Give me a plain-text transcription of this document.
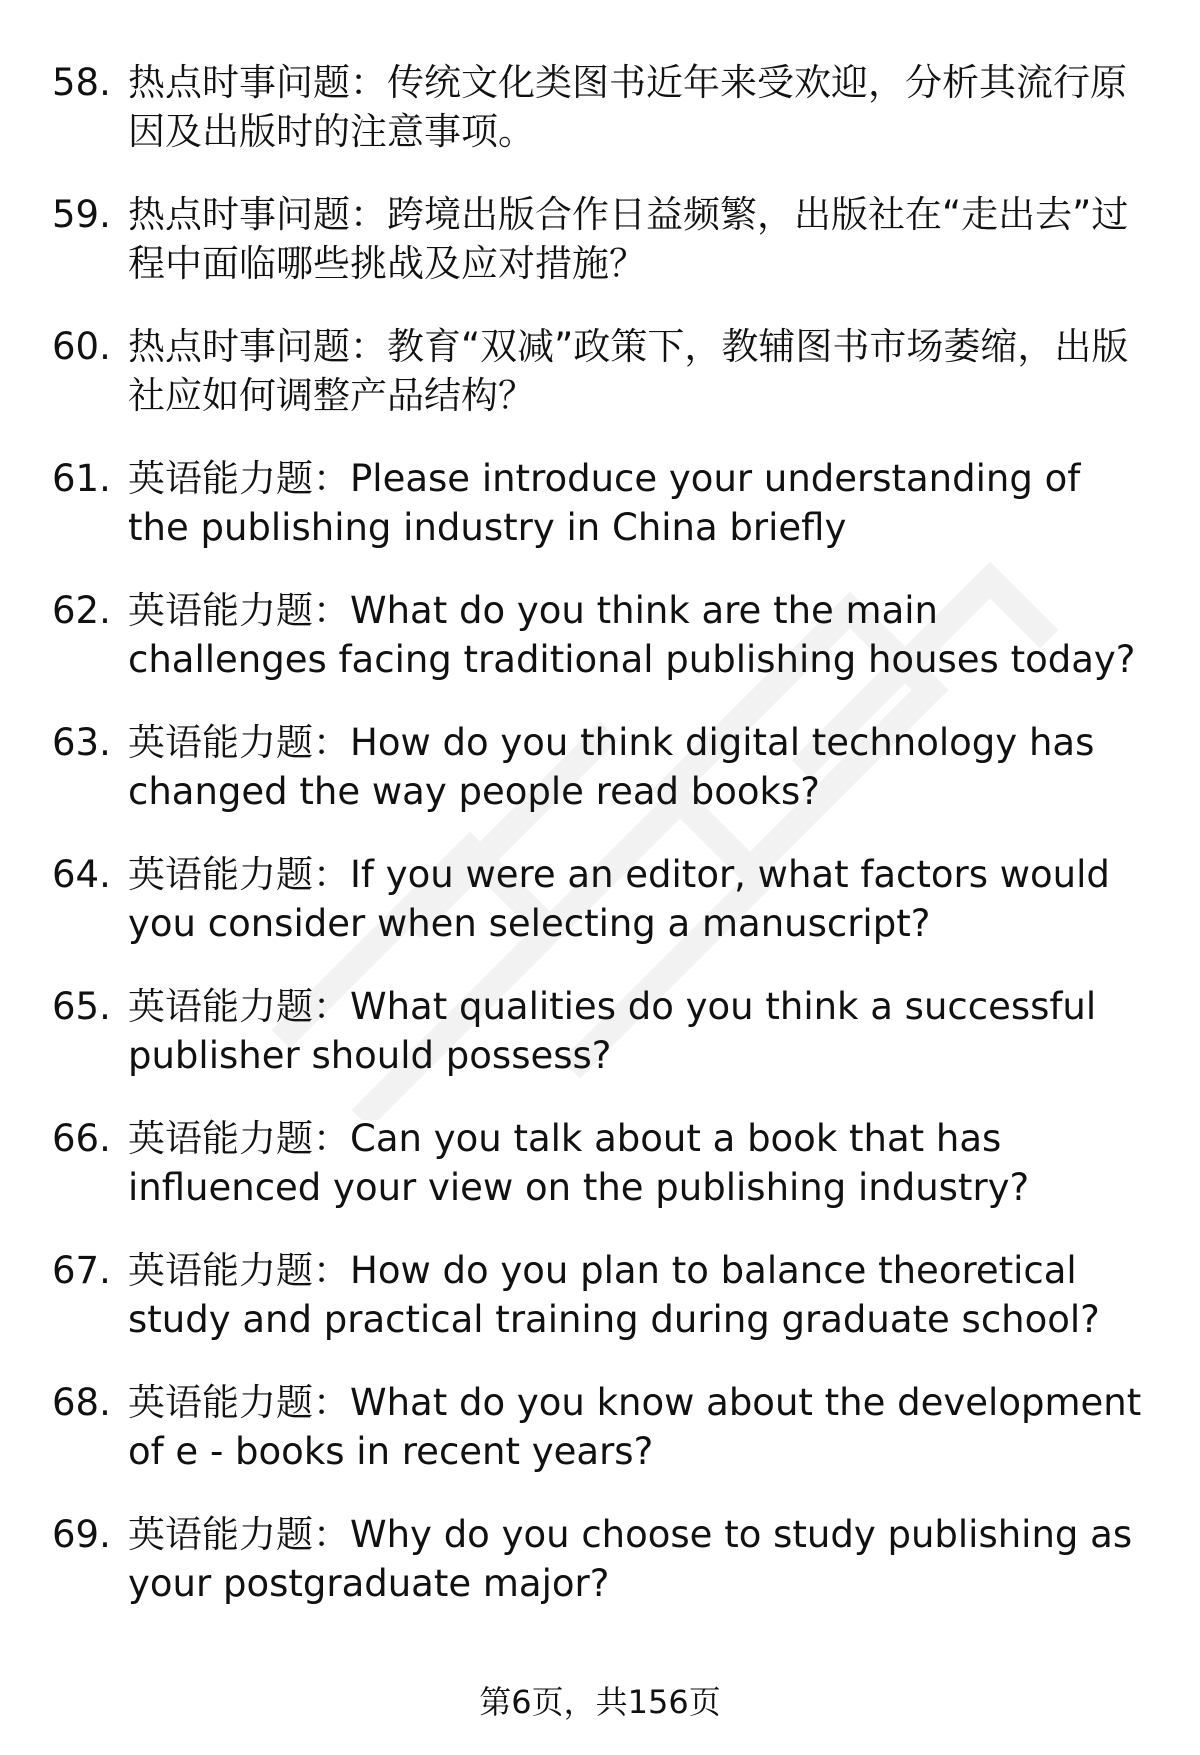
58. 热点时事问题：传统文化类图书近年来受欢迎，分析其流行原因及出版时的注意事项。
59. 热点时事问题：跨境出版合作日益频繁，出版社在“走出去”过程中面临哪些挑战及应对措施？
60. 热点时事问题：教育“双减”政策下，教辅图书市场萎缩，出版社应如何调整产品结构？
61. 英语能力题：Please introduce your understanding of the publishing industry in China briefly
62. 英语能力题：What do you think are the main challenges facing traditional publishing houses today?
63. 英语能力题：How do you think digital technology has changed the way people read books?
64. 英语能力题：If you were an editor, what factors would you consider when selecting a manuscript?
65. 英语能力题：What qualities do you think a successful publisher should possess?
66. 英语能力题：Can you talk about a book that has influenced your view on the publishing industry?
67. 英语能力题：How do you plan to balance theoretical study and practical training during graduate school?
68. 英语能力题：What do you know about the development of e - books in recent years?
69. 英语能力题：Why do you choose to study publishing as your postgraduate major?
第6页，共156页
